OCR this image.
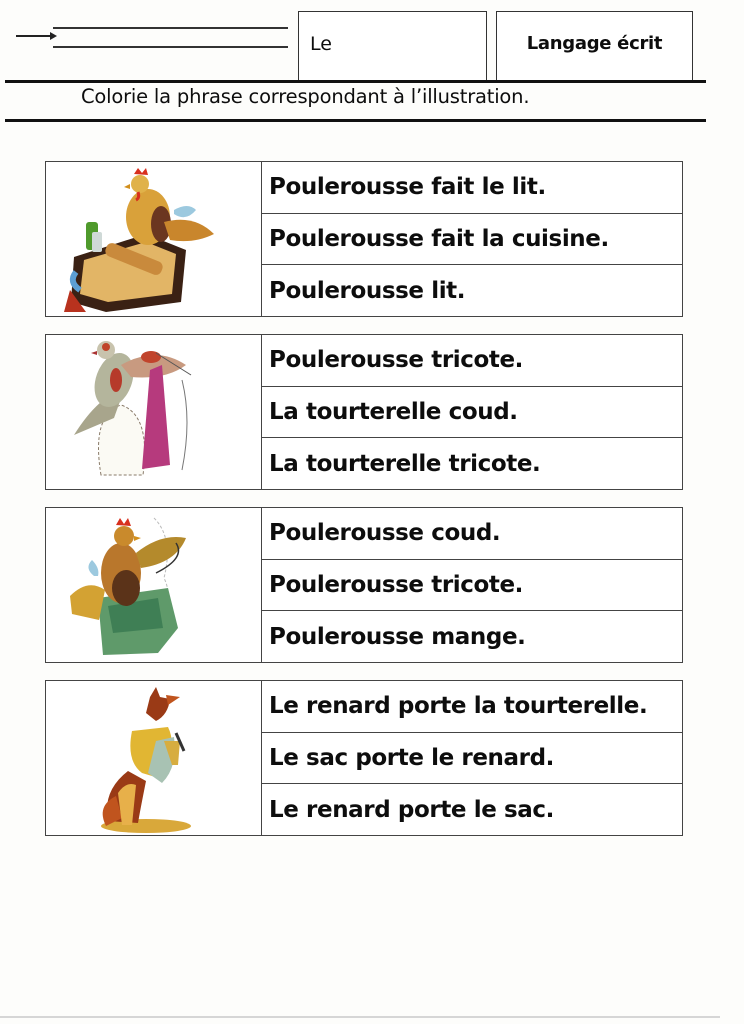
Le	Langage écrit
Colorie la phrase correspondant à l’illustration.
Poulerousse fait le lit.
Poulerousse fait la cuisine.
Poulerousse lit.
Poulerousse tricote.
La tourterelle coud.
La tourterelle tricote.
Poulerousse coud.
Poulerousse tricote.
Poulerousse mange.
Le renard porte la tourterelle.
Le sac porte le renard.
Le renard porte le sac.
